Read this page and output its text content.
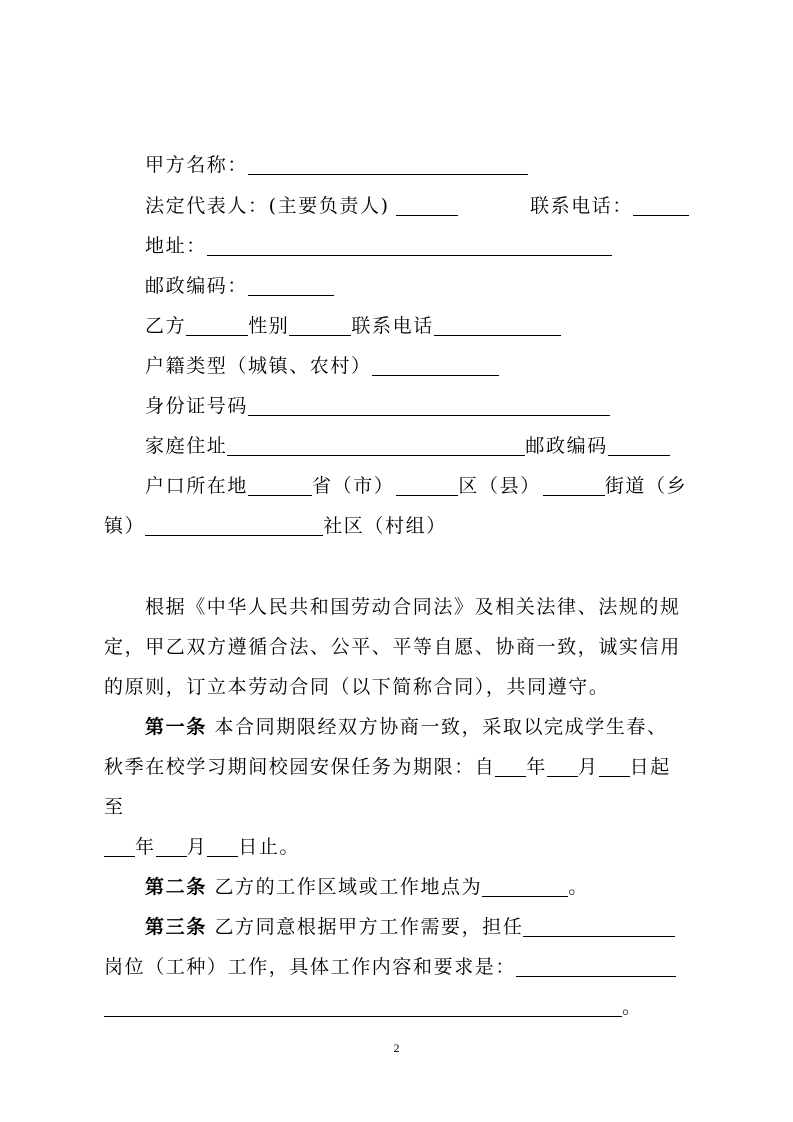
甲方名称：
法定代表人：(主要负责人)	联系电话：
地址：
邮政编码：
乙方	性别	联系电话
户籍类型（城镇、农村）
身份证号码
家庭住址	邮政编码
户口所在地	省（市）	区（县）	街道（乡
镇）	社区（村组）
根据《中华人民共和国劳动合同法》及相关法律、法规的规
定，甲乙双方遵循合法、公平、平等自愿、协商一致，诚实信用
的原则，订立本劳动合同（以下简称合同），共同遵守。
第一条 本合同期限经双方协商一致，采取以完成学生春、
秋季在校学习期间校园安保任务为期限：自 年 月 日起
至
年 月 日止。
第二条 乙方的工作区域或工作地点为	。
第三条 乙方同意根据甲方工作需要，担任
岗位（工种）工作，具体工作内容和要求是：
。
2
